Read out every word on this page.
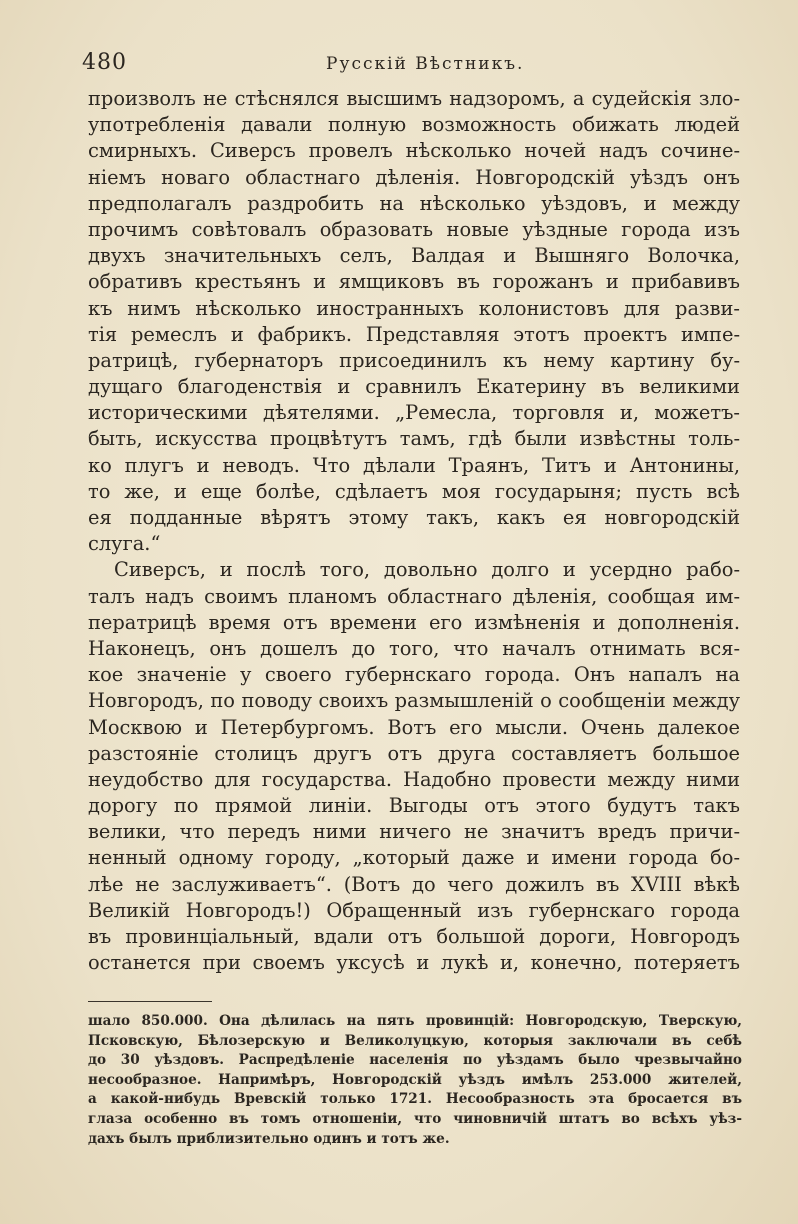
480	Русскій Вѣстникъ.
произволъ не стѣснялся высшимъ надзоромъ, а судейскія зло-
употребленія давали полную возможность обижать людей
смирныхъ. Сиверсъ провелъ нѣсколько ночей надъ сочине-
ніемъ новаго областнаго дѣленія. Новгородскій уѣздъ онъ
предполагалъ раздробить на нѣсколько уѣздовъ, и между
прочимъ совѣтовалъ образовать новые уѣздные города изъ
двухъ значительныхъ селъ, Валдая и Вышняго Волочка,
обративъ крестьянъ и ямщиковъ въ горожанъ и прибавивъ
къ нимъ нѣсколько иностранныхъ колонистовъ для разви-
тія ремеслъ и фабрикъ. Представляя этотъ проектъ импе-
ратрицѣ, губернаторъ присоединилъ къ нему картину бу-
дущаго благоденствія и сравнилъ Екатерину въ великими
историческими дѣятелями. „Ремесла, торговля и, можетъ-
быть, искусства процвѣтутъ тамъ, гдѣ были извѣстны толь-
ко плугъ и неводъ. Что дѣлали Траянъ, Титъ и Антонины,
то же, и еще болѣе, сдѣлаетъ моя государыня; пусть всѣ
ея подданные вѣрятъ этому такъ, какъ ея новгородскій
слуга.“
Сиверсъ, и послѣ того, довольно долго и усердно рабо-
талъ надъ своимъ планомъ областнаго дѣленія, сообщая им-
ператрицѣ время отъ времени его измѣненія и дополненія.
Наконецъ, онъ дошелъ до того, что началъ отнимать вся-
кое значеніе у своего губернскаго города. Онъ напалъ на
Новгородъ, по поводу своихъ размышленій о сообщеніи между
Москвою и Петербургомъ. Вотъ его мысли. Очень далекое
разстояніе столицъ другъ отъ друга составляетъ большое
неудобство для государства. Надобно провести между ними
дорогу по прямой линіи. Выгоды отъ этого будутъ такъ
велики, что передъ ними ничего не значитъ вредъ причи-
ненный одному городу, „который даже и имени города бо-
лѣе не заслуживаетъ“. (Вотъ до чего дожилъ въ XVIII вѣкѣ
Великій Новгородъ!) Обращенный изъ губернскаго города
въ провинціальный, вдали отъ большой дороги, Новгородъ
останется при своемъ уксусѣ и лукѣ и, конечно, потеряетъ
шало 850.000. Она дѣлилась на пять провинцій: Новгородскую, Тверскую,
Псковскую, Бѣлозерскую и Великолуцкую, которыя заключали въ себѣ
до 30 уѣздовъ. Распредѣленіе населенія по уѣздамъ было чрезвычайно
несообразное. Напримѣръ, Новгородскій уѣздъ имѣлъ 253.000 жителей,
а какой-нибудь Вревскій только 1721. Несообразность эта бросается въ
глаза особенно въ томъ отношеніи, что чиновничій штатъ во всѣхъ уѣз-
дахъ былъ приблизительно одинъ и тотъ же.
